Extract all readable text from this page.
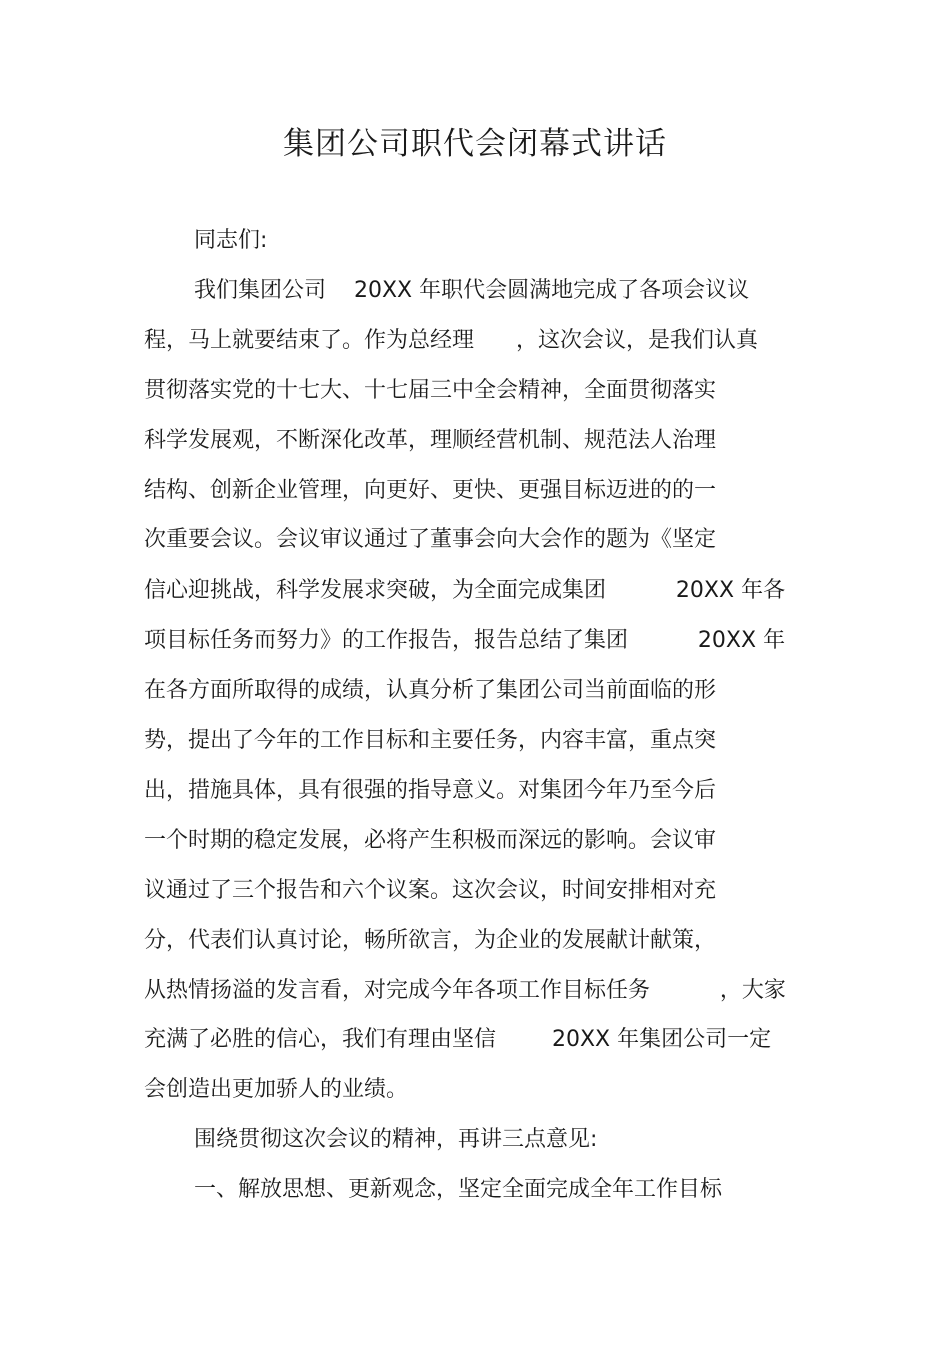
集团公司职代会闭幕式讲话

同志们:

我们集团公司    20XX 年职代会圆满地完成了各项会议议

程，马上就要结束了。作为总经理      ，这次会议，是我们认真

贯彻落实党的十七大、十七届三中全会精神，全面贯彻落实

科学发展观，不断深化改革，理顺经营机制、规范法人治理

结构、创新企业管理，向更好、更快、更强目标迈进的的一

次重要会议。会议审议通过了董事会向大会作的题为《坚定

信心迎挑战，科学发展求突破，为全面完成集团          20XX 年各

项目标任务而努力》的工作报告，报告总结了集团          20XX 年

在各方面所取得的成绩，认真分析了集团公司当前面临的形

势，提出了今年的工作目标和主要任务，内容丰富，重点突

出，措施具体，具有很强的指导意义。对集团今年乃至今后

一个时期的稳定发展，必将产生积极而深远的影响。会议审

议通过了三个报告和六个议案。这次会议，时间安排相对充

分，代表们认真讨论，畅所欲言，为企业的发展献计献策，

从热情扬溢的发言看，对完成今年各项工作目标任务          ，大家

充满了必胜的信心，我们有理由坚信        20XX 年集团公司一定

会创造出更加骄人的业绩。

围绕贯彻这次会议的精神，再讲三点意见:

一、解放思想、更新观念，坚定全面完成全年工作目标
